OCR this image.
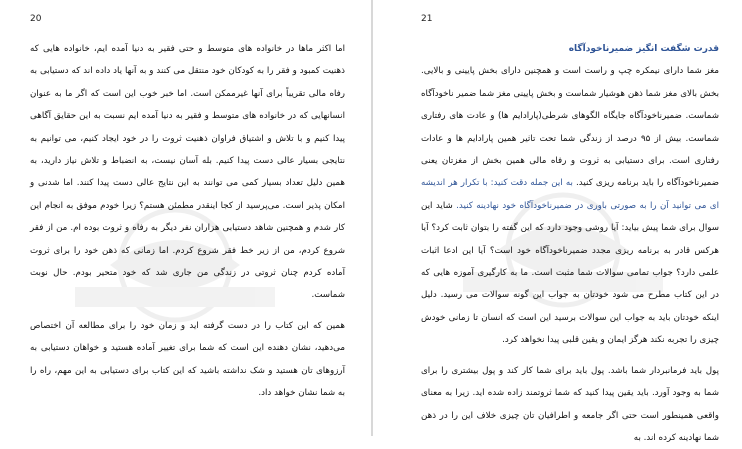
20

اما اکثر ماها در خانواده های متوسط و حتی فقیر به دنیا آمده ایم، خانواده هایی که ذهنیت کمبود و فقر را به کودکان خود منتقل می کنند و به آنها یاد داده اند که دستیابی به رفاه مالی تقریباً برای آنها غیرممکن است. اما خبر خوب این است که اگر ما به عنوان انسانهایی که در خانواده های متوسط و فقیر به دنیا آمده ایم نسبت به این حقایق آگاهی پیدا کنیم و با تلاش و اشتیاق فراوان ذهنیت ثروت را در خود ایجاد کنیم، می توانیم به نتایجی بسیار عالی دست پیدا کنیم. بله آسان نیست، به انضباط و تلاش نیاز دارید، به همین دلیل تعداد بسیار کمی می توانند به این نتایج عالی دست پیدا کنند. اما شدنی و امکان پذیر است. می‌پرسید از کجا اینقدر مطمئن هستم؟ زیرا خودم موفق به انجام این کار شدم و همچنین شاهد دستیابی هزاران نفر دیگر به رفاه و ثروت بوده ام. من از فقر شروع کردم، من از زیر خط فقر شروع کردم. اما زمانی که ذهن خود را برای ثروت آماده کردم چنان ثروتی در زندگی من جاری شد که خود متحیر بودم. حال نوبت شماست.

همین که این کتاب را در دست گرفته اید و زمان خود را برای مطالعه آن اختصاص می‌دهید، نشان دهنده این است که شما برای تغییر آماده هستید و خواهان دستیابی به آرزوهای تان هستید و شک نداشته باشید که این کتاب برای دستیابی به این مهم، راه را به شما نشان خواهد داد.

21

قدرت شگفت انگیز ضمیرناخودآگاه

مغز شما دارای نیمکره چپ و راست است و همچنین دارای بخش پایینی و بالایی. بخش بالای مغز شما ذهن هوشیار شماست و بخش پایینی مغز شما ضمیر ناخودآگاه شماست. ضمیرناخودآگاه جایگاه الگوهای شرطی(پارادایم ها) و عادت های رفتاری شماست. بیش از ۹۵ درصد از زندگی شما تحت تاثیر همین پارادایم ها و عادات رفتاری است. برای دستیابی به ثروت و رفاه مالی همین بخش از مغزتان یعنی ضمیرناخودآگاه را باید برنامه ریزی کنید. به این جمله دقت کنید: با تکرار هر اندیشه ای می توانید آن را به صورتی باوری در ضمیرناخودآگاه خود نهادینه کنید. شاید این سوال برای شما پیش بیاید: آیا روشی وجود دارد که این گفته را بتوان ثابت کرد؟ آیا هرکس قادر به برنامه ریزی مجدد ضمیرناخودآگاه خود است؟ آیا این ادعا اثبات علمی دارد؟ جواب تمامی سوالات شما مثبت است. ما به کارگیری آموزه هایی که در این کتاب مطرح می شود خودتان به جواب این گونه سوالات می رسید. دلیل اینکه خودتان باید به جواب این سوالات برسید این است که انسان تا زمانی خودش چیزی را تجربه نکند هرگز ایمان و یقین قلبی پیدا نخواهد کرد.

پول باید فرمانبردار شما باشد. پول باید برای شما کار کند و پول بیشتری را برای شما به وجود آورد. باید یقین پیدا کنید که شما ثروتمند زاده شده اید. زیرا به معنای واقعی همینطور است حتی اگر جامعه و اطرافیان تان چیزی خلاف این را در ذهن شما نهادینه کرده اند. به
